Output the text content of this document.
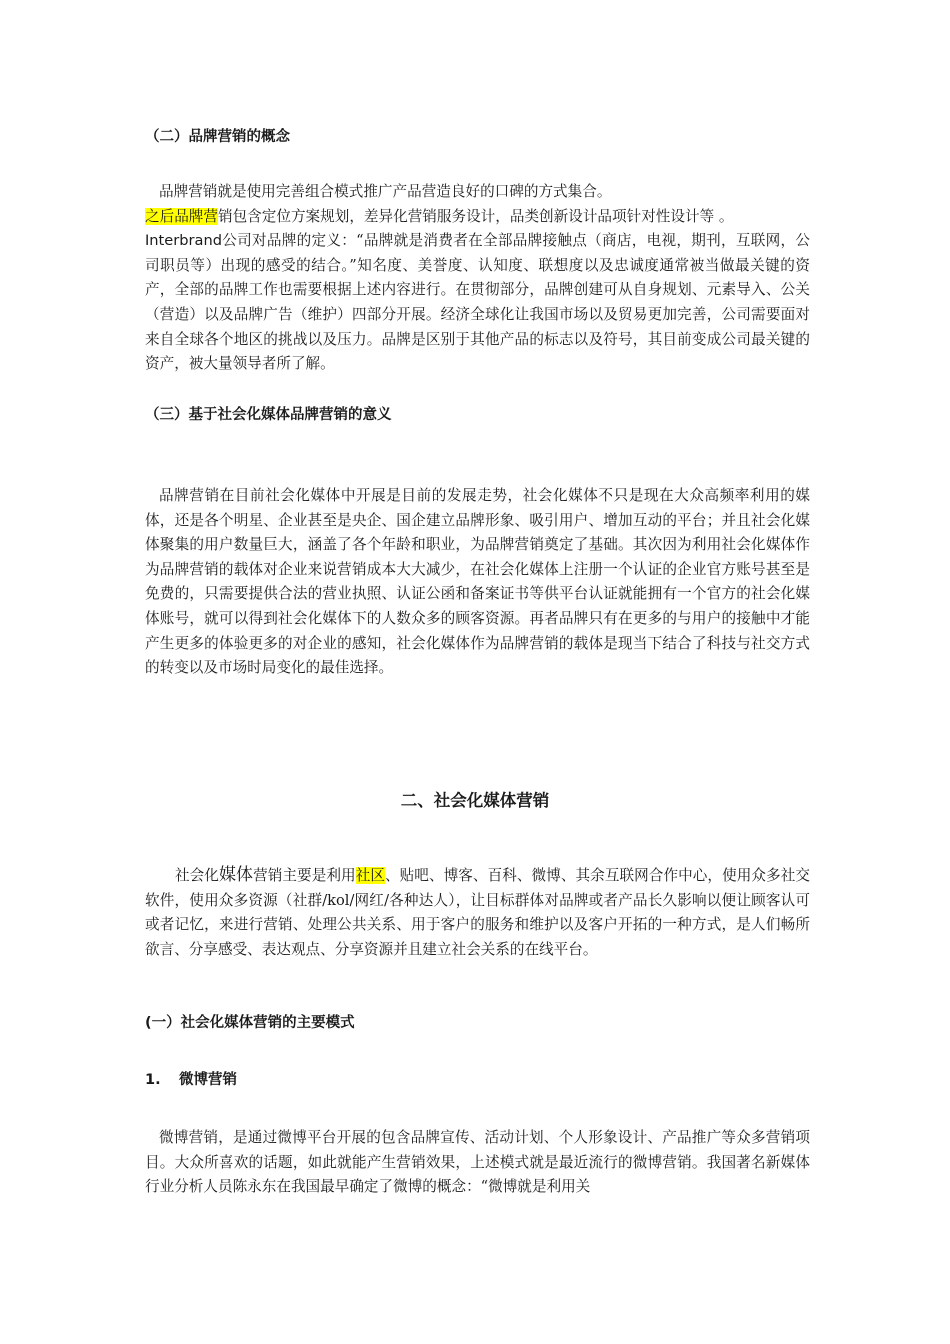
（二）品牌营销的概念

品牌营销就是使用完善组合模式推广产品营造良好的口碑的方式集合。

之后品牌营销包含定位方案规划，差异化营销服务设计，品类创新设计品项针对性设计等 。

Interbrand公司对品牌的定义：“品牌就是消费者在全部品牌接触点（商店，电视，期刊，互联网，公司职员等）出现的感受的结合。”知名度、美誉度、认知度、联想度以及忠诚度通常被当做最关键的资产，全部的品牌工作也需要根据上述内容进行。在贯彻部分，品牌创建可从自身规划、元素导入、公关（营造）以及品牌广告（维护）四部分开展。经济全球化让我国市场以及贸易更加完善，公司需要面对来自全球各个地区的挑战以及压力。品牌是区别于其他产品的标志以及符号，其目前变成公司最关键的资产，被大量领导者所了解。

（三）基于社会化媒体品牌营销的意义

品牌营销在目前社会化媒体中开展是目前的发展走势，社会化媒体不只是现在大众高频率利用的媒体，还是各个明星、企业甚至是央企、国企建立品牌形象、吸引用户、增加互动的平台；并且社会化媒体聚集的用户数量巨大，涵盖了各个年龄和职业，为品牌营销奠定了基础。其次因为利用社会化媒体作为品牌营销的载体对企业来说营销成本大大减少，在社会化媒体上注册一个认证的企业官方账号甚至是免费的，只需要提供合法的营业执照、认证公函和备案证书等供平台认证就能拥有一个官方的社会化媒体账号，就可以得到社会化媒体下的人数众多的顾客资源。再者品牌只有在更多的与用户的接触中才能产生更多的体验更多的对企业的感知，社会化媒体作为品牌营销的载体是现当下结合了科技与社交方式的转变以及市场时局变化的最佳选择。

二、社会化媒体营销

社会化媒体营销主要是利用社区、贴吧、博客、百科、微博、其余互联网合作中心，使用众多社交软件，使用众多资源（社群/kol/网红/各种达人），让目标群体对品牌或者产品长久影响以便让顾客认可或者记忆，来进行营销、处理公共关系、用于客户的服务和维护以及客户开拓的一种方式，是人们畅所欲言、分享感受、表达观点、分享资源并且建立社会关系的在线平台。

(一）社会化媒体营销的主要模式
1. 微博营销

微博营销，是通过微博平台开展的包含品牌宣传、活动计划、个人形象设计、产品推广等众多营销项目。大众所喜欢的话题，如此就能产生营销效果，上述模式就是最近流行的微博营销。我国著名新媒体行业分析人员陈永东在我国最早确定了微博的概念：“微博就是利用关
